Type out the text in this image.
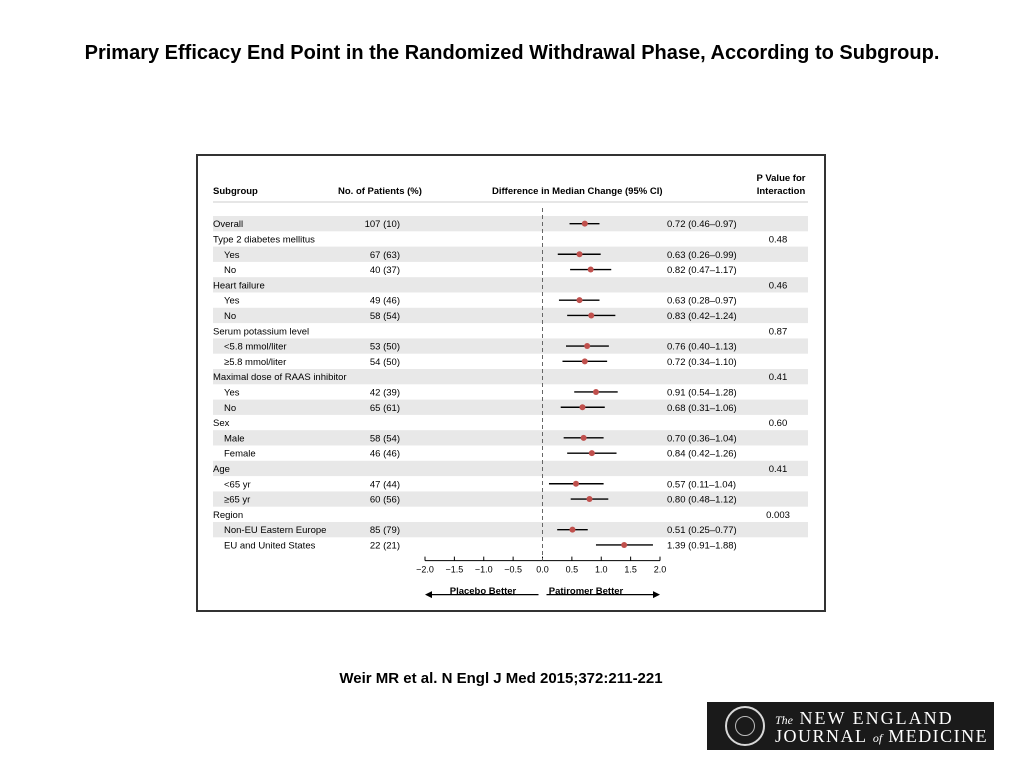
Primary Efficacy End Point in the Randomized Withdrawal Phase, According to Subgroup.
Overall	107 (10)	0.72 (0.46–0.97)
Type 2 diabetes mellitus	0.48
Yes	67 (63)	0.63 (0.26–0.99)
No	40 (37)	0.82 (0.47–1.17)
Heart failure	0.46
Yes	49 (46)	0.63 (0.28–0.97)
No	58 (54)	0.83 (0.42–1.24)
Serum potassium level	0.87
<5.8 mmol/liter	53 (50)	0.76 (0.40–1.13)
≥5.8 mmol/liter	54 (50)	0.72 (0.34–1.10)
Maximal dose of RAAS inhibitor	0.41
Yes	42 (39)	0.91 (0.54–1.28)
No	65 (61)	0.68 (0.31–1.06)
Sex	0.60
Male	58 (54)	0.70 (0.36–1.04)
Female	46 (46)	0.84 (0.42–1.26)
Age	0.41
<65 yr	47 (44)	0.57 (0.11–1.04)
≥65 yr	60 (56)	0.80 (0.48–1.12)
Region	0.003
Non-EU Eastern Europe	85 (79)	0.51 (0.25–0.77)
EU and United States	22 (21)	1.39 (0.91–1.88)
Subgroup	No. of Patients (%)	Difference in Median Change (95% CI)
P Value for
Interaction
−2.0 −1.5 −1.0 −0.5 0.0 0.5 1.0 1.5 2.0
Placebo Better	Patiromer Better
Weir MR et al. N Engl J Med 2015;372:211-221
The NEW ENGLAND
JOURNAL of MEDICINE
